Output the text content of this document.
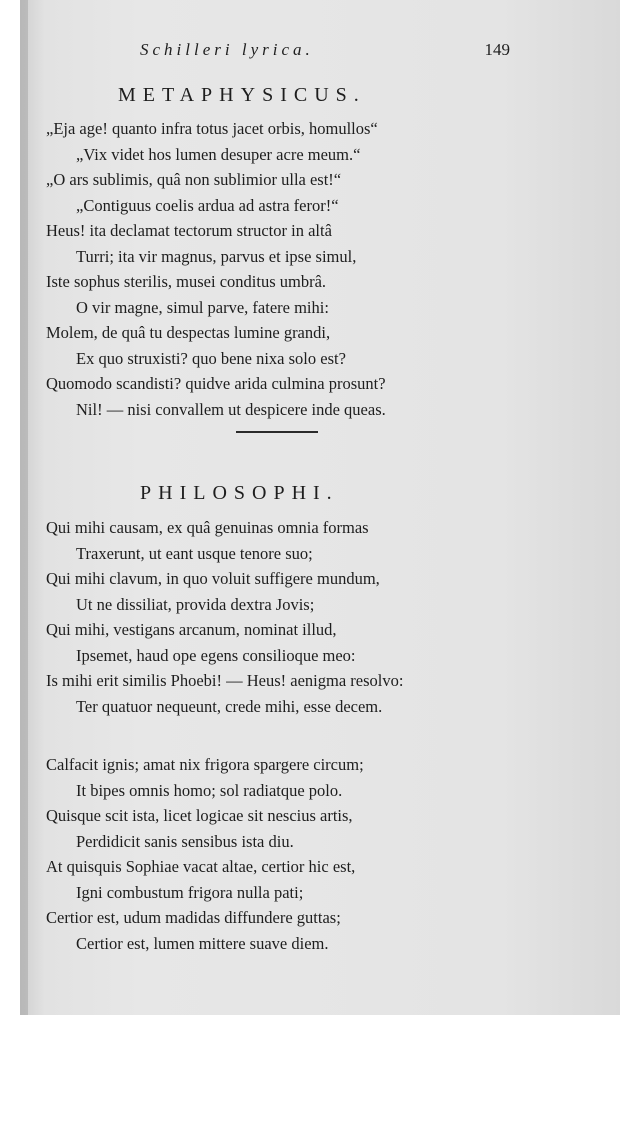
Schilleri lyrica.	149
METAPHYSICUS.
„Eja age! quanto infra totus jacet orbis, homullos“
„Vix videt hos lumen desuper acre meum.“
„O ars sublimis, quâ non sublimior ulla est!“
„Contiguus coelis ardua ad astra feror!“
Heus! ita declamat tectorum structor in altâ
Turri; ita vir magnus, parvus et ipse simul,
Iste sophus sterilis, musei conditus umbrâ.
O vir magne, simul parve, fatere mihi:
Molem, de quâ tu despectas lumine grandi,
Ex quo struxisti? quo bene nixa solo est?
Quomodo scandisti? quidve arida culmina prosunt?
Nil! — nisi convallem ut despicere inde queas.
PHILOSOPHI.
Qui mihi causam, ex quâ genuinas omnia formas
Traxerunt, ut eant usque tenore suo;
Qui mihi clavum, in quo voluit suffigere mundum,
Ut ne dissiliat, provida dextra Jovis;
Qui mihi, vestigans arcanum, nominat illud,
Ipsemet, haud ope egens consilioque meo:
Is mihi erit similis Phoebi! — Heus! aenigma resolvo:
Ter quatuor nequeunt, crede mihi, esse decem.
Calfacit ignis; amat nix frigora spargere circum;
It bipes omnis homo; sol radiatque polo.
Quisque scit ista, licet logicae sit nescius artis,
Perdidicit sanis sensibus ista diu.
At quisquis Sophiae vacat altae, certior hic est,
Igni combustum frigora nulla pati;
Certior est, udum madidas diffundere guttas;
Certior est, lumen mittere suave diem.
